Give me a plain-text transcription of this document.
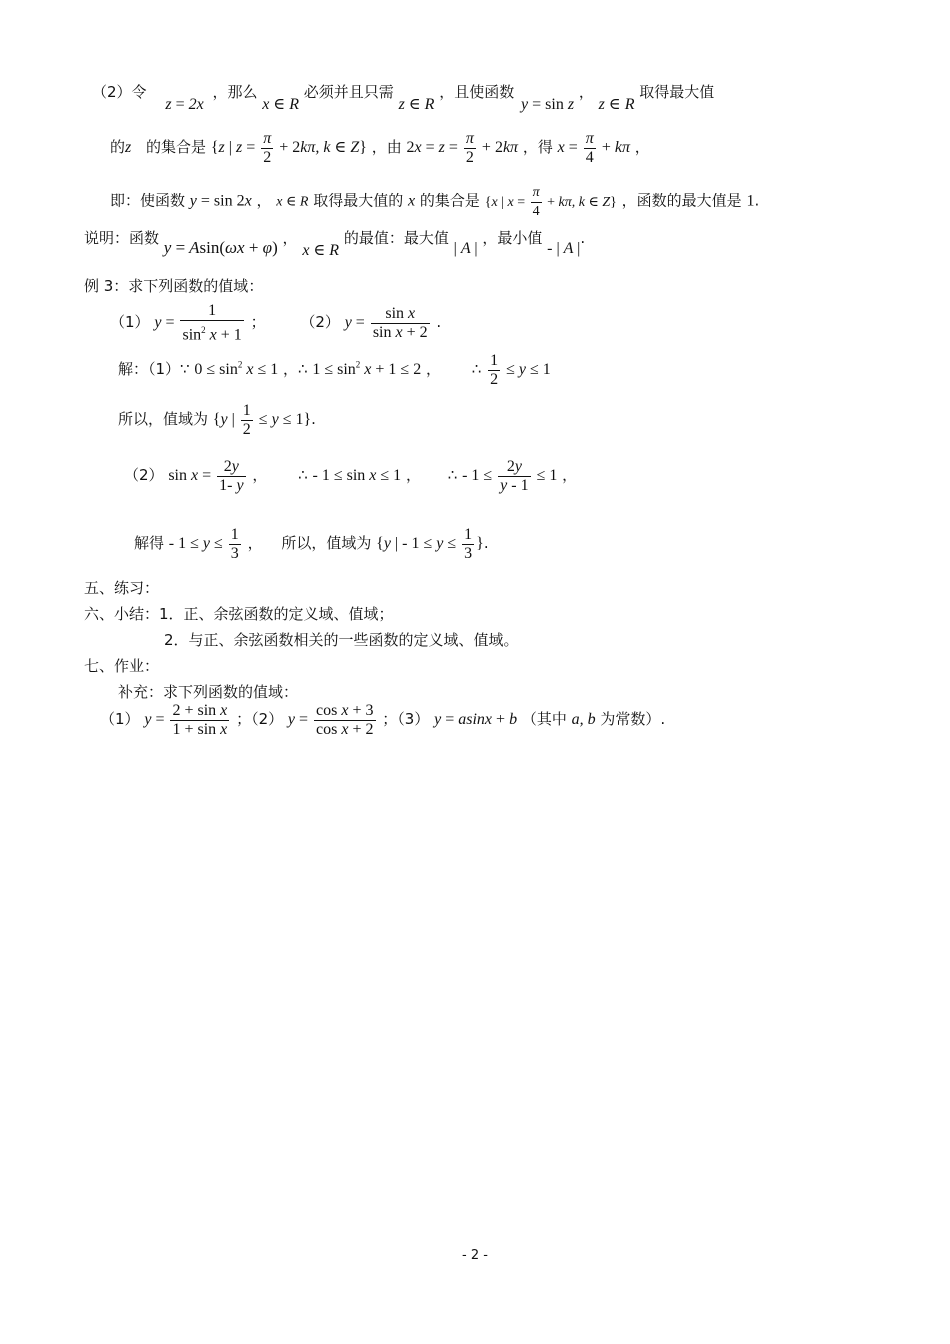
（2）令 z = 2x ，那么 x ∈ R 必须并且只需 z ∈ R ，且使函数 y = sin z ， z ∈ R 取得最大值
的z 的集合是 {z | $z = \frac{\pi}{2} + 2k\pi$, k ∈ Z} ，由 $2x = z = \frac{\pi}{2} + 2k\pi$ ，得 $x = \frac{\pi}{4} + k\pi$ ，
即：使函数 y = sin 2x ， x ∈ R 取得最大值的 x 的集合是 {x | $x = \frac{\pi}{4} + k\pi$, k ∈ Z} ，函数的最大值是 1.
说明：函数 y = Asin(ωx + φ) ， x ∈ R 的最值：最大值 | A | ，最小值 - | A |.
例 3：求下列函数的值域：
（1） $y = \frac{1}{\sin^2 x + 1}$ ； （2） $y = \frac{\text{sin x}}{\text{sin x + 2}}$ .
解：（1）∵ $0 \le \sin^2 x \le 1$ ，∴ $1 \le \sin^2 x + 1 \le 2$ ， ∴ $\frac{1}{2} \le y \le 1$
所以，值域为 {y | $\frac{1}{2} \le y \le 1$}.
（2） $\sin x = \frac{2y}{1- y}$ ， ∴ - 1 ≤ sin x ≤ 1 ， ∴ - $1 \le \frac{2y}{y - 1} \le 1$ ，
解得 - $1 \le y \le \frac{1}{3}$ ， 所以，值域为 {y | - $1 \le y \le \frac{1}{3}$ }.
五、练习：
六、小结：1．正、余弦函数的定义域、值域；
2．与正、余弦函数相关的一些函数的定义域、值域。
七、作业：
补充：求下列函数的值域：
（1） $y = \frac{\text{2 + sin x}}{\text{1 + sin x}}$ ；（2） $y = \frac{\text{cos x + 3}}{\text{cos x + 2}}$ ；（3） y = asinx + b （其中 a, b 为常数）.
- 2 -
